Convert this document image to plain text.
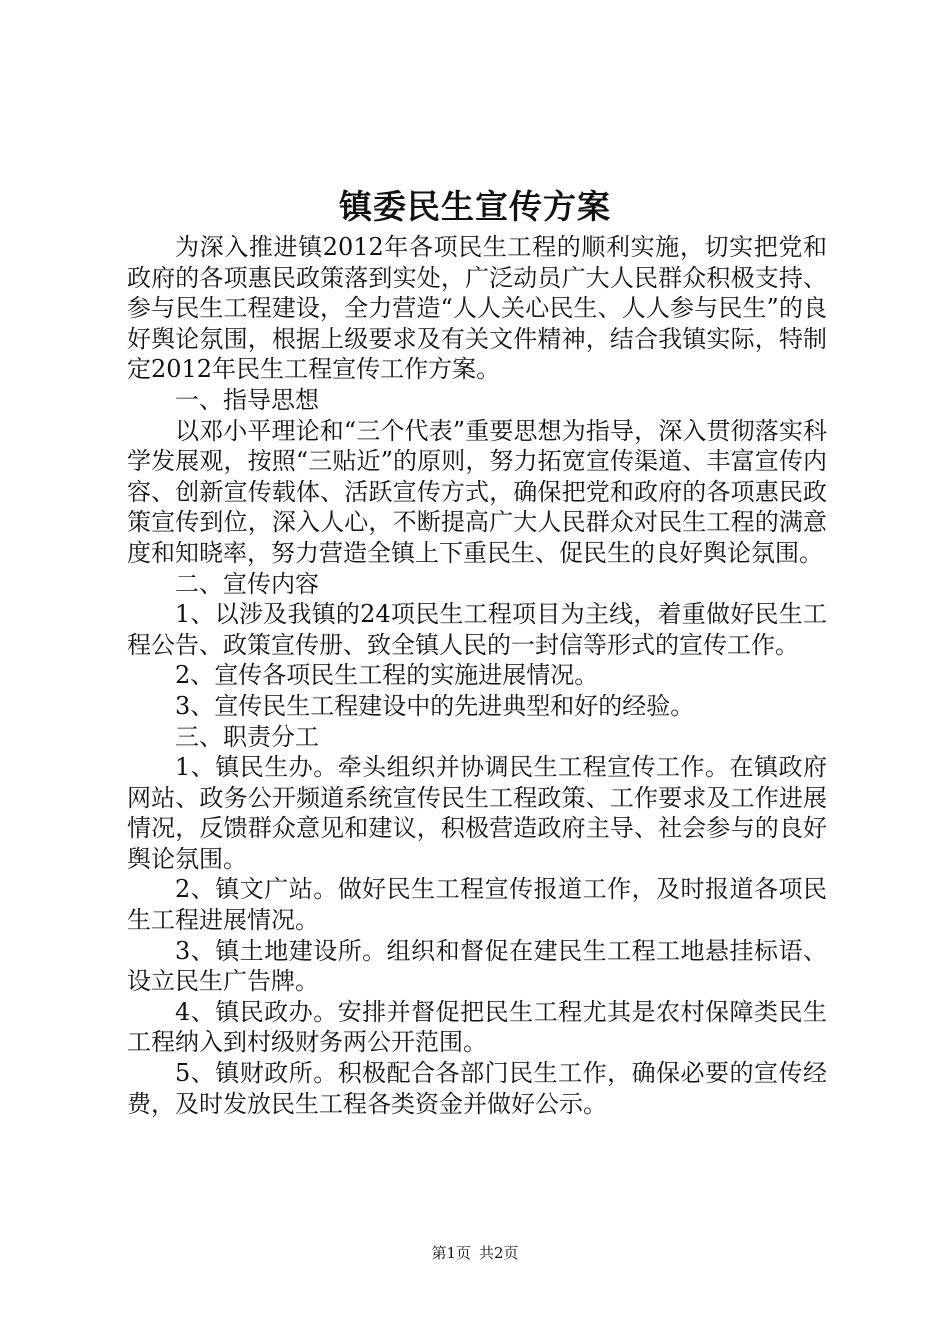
镇委民生宣传方案

为深入推进镇2012年各项民生工程的顺利实施，切实把党和政府的各项惠民政策落到实处，广泛动员广大人民群众积极支持、参与民生工程建设，全力营造“人人关心民生、人人参与民生”的良好舆论氛围，根据上级要求及有关文件精神，结合我镇实际，特制定2012年民生工程宣传工作方案。

一、指导思想

以邓小平理论和“三个代表”重要思想为指导，深入贯彻落实科学发展观，按照“三贴近”的原则，努力拓宽宣传渠道、丰富宣传内容、创新宣传载体、活跃宣传方式，确保把党和政府的各项惠民政策宣传到位，深入人心，不断提高广大人民群众对民生工程的满意度和知晓率，努力营造全镇上下重民生、促民生的良好舆论氛围。

二、宣传内容

1、以涉及我镇的24项民生工程项目为主线，着重做好民生工程公告、政策宣传册、致全镇人民的一封信等形式的宣传工作。

2、宣传各项民生工程的实施进展情况。

3、宣传民生工程建设中的先进典型和好的经验。

三、职责分工

1、镇民生办。牵头组织并协调民生工程宣传工作。在镇政府网站、政务公开频道系统宣传民生工程政策、工作要求及工作进展情况，反馈群众意见和建议，积极营造政府主导、社会参与的良好舆论氛围。

2、镇文广站。做好民生工程宣传报道工作，及时报道各项民生工程进展情况。

3、镇土地建设所。组织和督促在建民生工程工地悬挂标语、设立民生广告牌。

4、镇民政办。安排并督促把民生工程尤其是农村保障类民生工程纳入到村级财务两公开范围。

5、镇财政所。积极配合各部门民生工作，确保必要的宣传经费，及时发放民生工程各类资金并做好公示。

第1页 共2页
